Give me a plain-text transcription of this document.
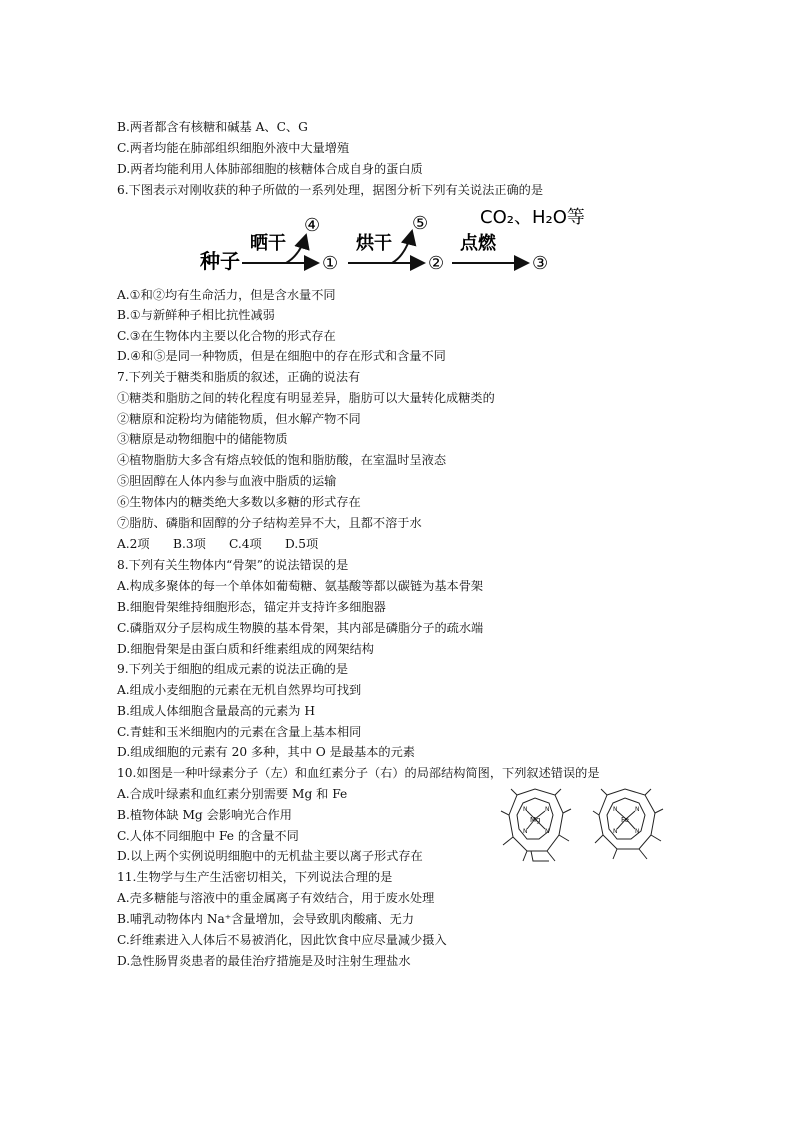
B.两者都含有核糖和碱基 A、C、G
C.两者均能在肺部组织细胞外液中大量增殖
D.两者均能利用人体肺部细胞的核糖体合成自身的蛋白质
6.下图表示对刚收获的种子所做的一系列处理，据图分析下列有关说法正确的是
种子
晒干	烘干	点燃
④
①
⑤
②	③
CO₂、H₂O等
A.①和②均有生命活力，但是含水量不同
B.①与新鲜种子相比抗性减弱
C.③在生物体内主要以化合物的形式存在
D.④和⑤是同一种物质，但是在细胞中的存在形式和含量不同
7.下列关于糖类和脂质的叙述，正确的说法有
①糖类和脂肪之间的转化程度有明显差异，脂肪可以大量转化成糖类的
②糖原和淀粉均为储能物质，但水解产物不同
③糖原是动物细胞中的储能物质
④植物脂肪大多含有熔点较低的饱和脂肪酸，在室温时呈液态
⑤胆固醇在人体内参与血液中脂质的运输
⑥生物体内的糖类绝大多数以多糖的形式存在
⑦脂肪、磷脂和固醇的分子结构差异不大，且都不溶于水
A.2项 B.3项 C.4项 D.5项
8.下列有关生物体内“骨架”的说法错误的是
A.构成多聚体的每一个单体如葡萄糖、氨基酸等都以碳链为基本骨架
B.细胞骨架维持细胞形态，锚定并支持许多细胞器
C.磷脂双分子层构成生物膜的基本骨架，其内部是磷脂分子的疏水端
D.细胞骨架是由蛋白质和纤维素组成的网架结构
9.下列关于细胞的组成元素的说法正确的是
A.组成小麦细胞的元素在无机自然界均可找到
B.组成人体细胞含量最高的元素为 H
C.青蛙和玉米细胞内的元素在含量上基本相同
D.组成细胞的元素有 20 多种，其中 O 是最基本的元素
10.如图是一种叶绿素分子（左）和血红素分子（右）的局部结构简图，下列叙述错误的是
A.合成叶绿素和血红素分别需要 Mg 和 Fe
B.植物体缺 Mg 会影响光合作用
C.人体不同细胞中 Fe 的含量不同
D.以上两个实例说明细胞中的无机盐主要以离子形式存在
Mg
N	N
N	N
Fe
N	N
N	N
11.生物学与生产生活密切相关，下列说法合理的是
A.壳多糖能与溶液中的重金属离子有效结合，用于废水处理
B.哺乳动物体内 Na⁺含量增加，会导致肌肉酸痛、无力
C.纤维素进入人体后不易被消化，因此饮食中应尽量减少摄入
D.急性肠胃炎患者的最佳治疗措施是及时注射生理盐水
